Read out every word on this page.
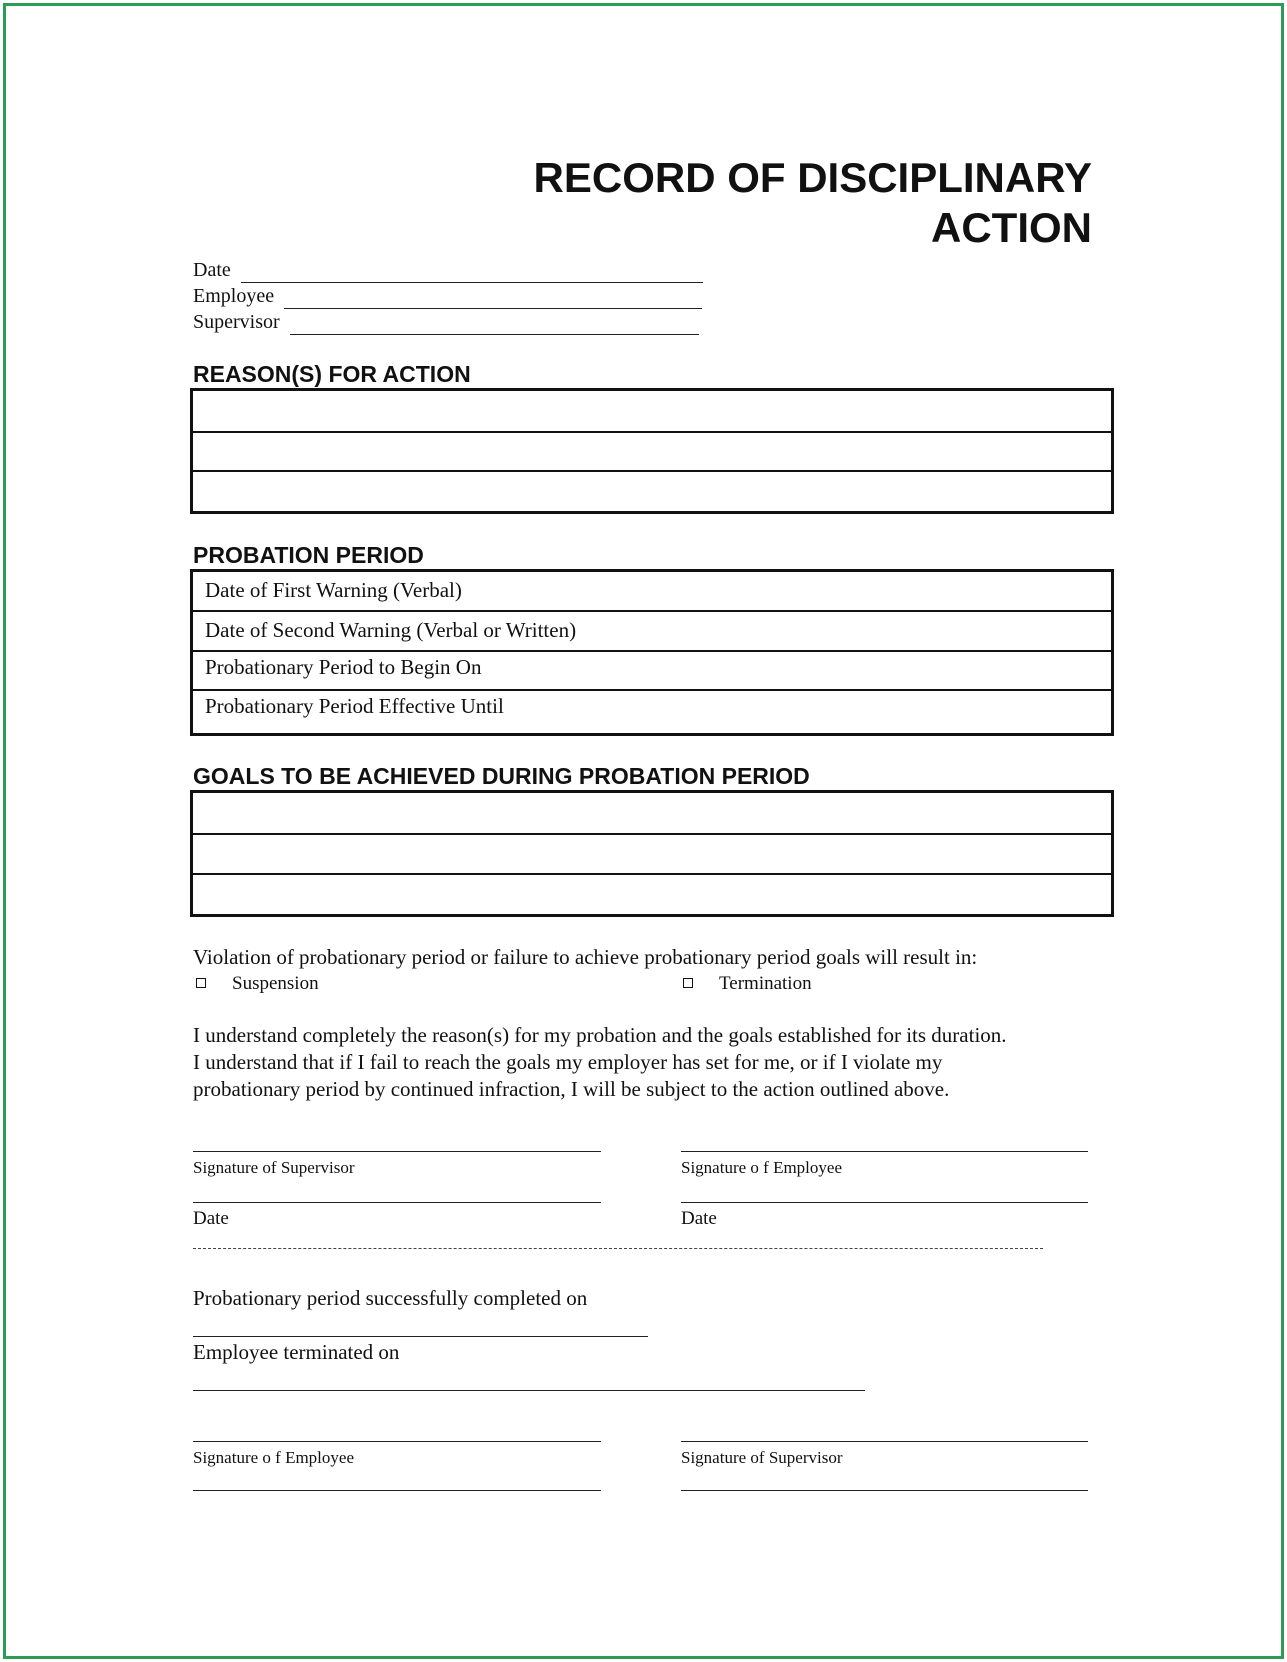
RECORD OF DISCIPLINARY
ACTION
Date
Employee
Supervisor
REASON(S) FOR ACTION
PROBATION PERIOD
Date of First Warning (Verbal)
Date of Second Warning (Verbal or Written)
Probationary Period to Begin On
Probationary Period Effective Until
GOALS TO BE ACHIEVED DURING PROBATION PERIOD
Violation of probationary period or failure to achieve probationary period goals will result in:
Suspension	Termination
I understand completely the reason(s) for my probation and the goals established for its duration.
I understand that if I fail to reach the goals my employer has set for me, or if I violate my
probationary period by continued infraction, I will be subject to the action outlined above.
Signature of Supervisor	Signature o f Employee
Date	Date
Probationary period successfully completed on
Employee terminated on
Signature o f Employee	Signature of Supervisor
